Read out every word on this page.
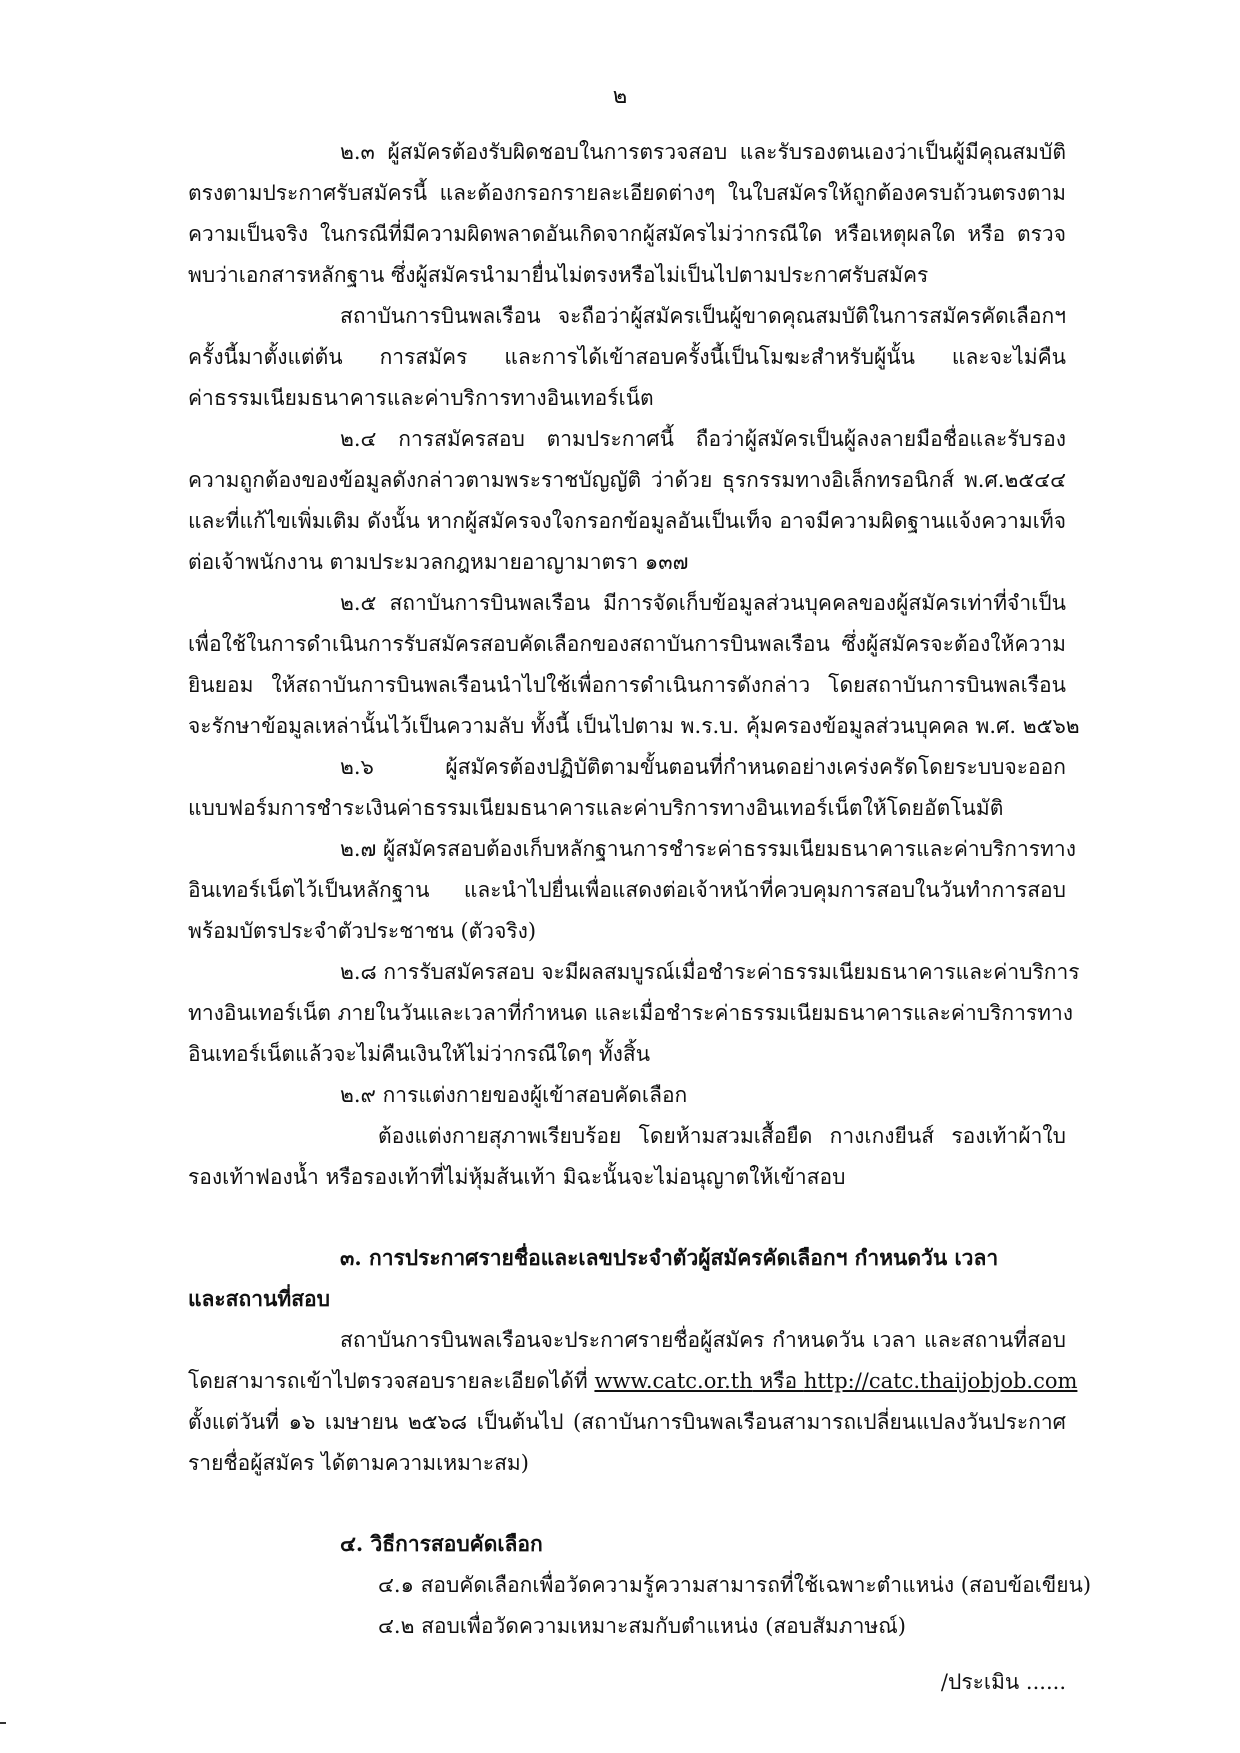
๒
๒.๓ ผู้สมัครต้องรับผิดชอบในการตรวจสอบ และรับรองตนเองว่าเป็นผู้มีคุณสมบัติ
ตรงตามประกาศรับสมัครนี้ และต้องกรอกรายละเอียดต่างๆ ในใบสมัครให้ถูกต้องครบถ้วนตรงตาม
ความเป็นจริง ในกรณีที่มีความผิดพลาดอันเกิดจากผู้สมัครไม่ว่ากรณีใด หรือเหตุผลใด หรือ ตรวจ
พบว่าเอกสารหลักฐาน ซึ่งผู้สมัครนำมายื่นไม่ตรงหรือไม่เป็นไปตามประกาศรับสมัคร
สถาบันการบินพลเรือน จะถือว่าผู้สมัครเป็นผู้ขาดคุณสมบัติในการสมัครคัดเลือกฯ
ครั้งนี้มาตั้งแต่ต้น การสมัคร และการได้เข้าสอบครั้งนี้เป็นโมฆะสำหรับผู้นั้น และจะไม่คืน
ค่าธรรมเนียมธนาคารและค่าบริการทางอินเทอร์เน็ต
๒.๔ การสมัครสอบ ตามประกาศนี้ ถือว่าผู้สมัครเป็นผู้ลงลายมือชื่อและรับรอง
ความถูกต้องของข้อมูลดังกล่าวตามพระราชบัญญัติ ว่าด้วย ธุรกรรมทางอิเล็กทรอนิกส์ พ.ศ.๒๕๔๔
และที่แก้ไขเพิ่มเติม ดังนั้น หากผู้สมัครจงใจกรอกข้อมูลอันเป็นเท็จ อาจมีความผิดฐานแจ้งความเท็จ
ต่อเจ้าพนักงาน ตามประมวลกฎหมายอาญามาตรา ๑๓๗
๒.๕ สถาบันการบินพลเรือน มีการจัดเก็บข้อมูลส่วนบุคคลของผู้สมัครเท่าที่จำเป็น
เพื่อใช้ในการดำเนินการรับสมัครสอบคัดเลือกของสถาบันการบินพลเรือน ซึ่งผู้สมัครจะต้องให้ความ
ยินยอม ให้สถาบันการบินพลเรือนนำไปใช้เพื่อการดำเนินการดังกล่าว โดยสถาบันการบินพลเรือน
จะรักษาข้อมูลเหล่านั้นไว้เป็นความลับ ทั้งนี้ เป็นไปตาม พ.ร.บ. คุ้มครองข้อมูลส่วนบุคคล พ.ศ. ๒๕๖๒
๒.๖ ผู้สมัครต้องปฏิบัติตามขั้นตอนที่กำหนดอย่างเคร่งครัดโดยระบบจะออก
แบบฟอร์มการชำระเงินค่าธรรมเนียมธนาคารและค่าบริการทางอินเทอร์เน็ตให้โดยอัตโนมัติ
๒.๗ ผู้สมัครสอบต้องเก็บหลักฐานการชำระค่าธรรมเนียมธนาคารและค่าบริการทาง
อินเทอร์เน็ตไว้เป็นหลักฐาน และนำไปยื่นเพื่อแสดงต่อเจ้าหน้าที่ควบคุมการสอบในวันทำการสอบ
พร้อมบัตรประจำตัวประชาชน (ตัวจริง)
๒.๘ การรับสมัครสอบ จะมีผลสมบูรณ์เมื่อชำระค่าธรรมเนียมธนาคารและค่าบริการ
ทางอินเทอร์เน็ต ภายในวันและเวลาที่กำหนด และเมื่อชำระค่าธรรมเนียมธนาคารและค่าบริการทาง
อินเทอร์เน็ตแล้วจะไม่คืนเงินให้ไม่ว่ากรณีใดๆ ทั้งสิ้น
๒.๙ การแต่งกายของผู้เข้าสอบคัดเลือก
ต้องแต่งกายสุภาพเรียบร้อย โดยห้ามสวมเสื้อยืด กางเกงยีนส์ รองเท้าผ้าใบ
รองเท้าฟองน้ำ หรือรองเท้าที่ไม่หุ้มส้นเท้า มิฉะนั้นจะไม่อนุญาตให้เข้าสอบ
๓. การประกาศรายชื่อและเลขประจำตัวผู้สมัครคัดเลือกฯ กำหนดวัน เวลา
และสถานที่สอบ
สถาบันการบินพลเรือนจะประกาศรายชื่อผู้สมัคร กำหนดวัน เวลา และสถานที่สอบ
โดยสามารถเข้าไปตรวจสอบรายละเอียดได้ที่ www.catc.or.th หรือ http://catc.thaijobjob.com
ตั้งแต่วันที่ ๑๖ เมษายน ๒๕๖๘ เป็นต้นไป (สถาบันการบินพลเรือนสามารถเปลี่ยนแปลงวันประกาศ
รายชื่อผู้สมัคร ได้ตามความเหมาะสม)
๔. วิธีการสอบคัดเลือก
๔.๑ สอบคัดเลือกเพื่อวัดความรู้ความสามารถที่ใช้เฉพาะตำแหน่ง (สอบข้อเขียน)
๔.๒ สอบเพื่อวัดความเหมาะสมกับตำแหน่ง (สอบสัมภาษณ์)
/ประเมิน ......
